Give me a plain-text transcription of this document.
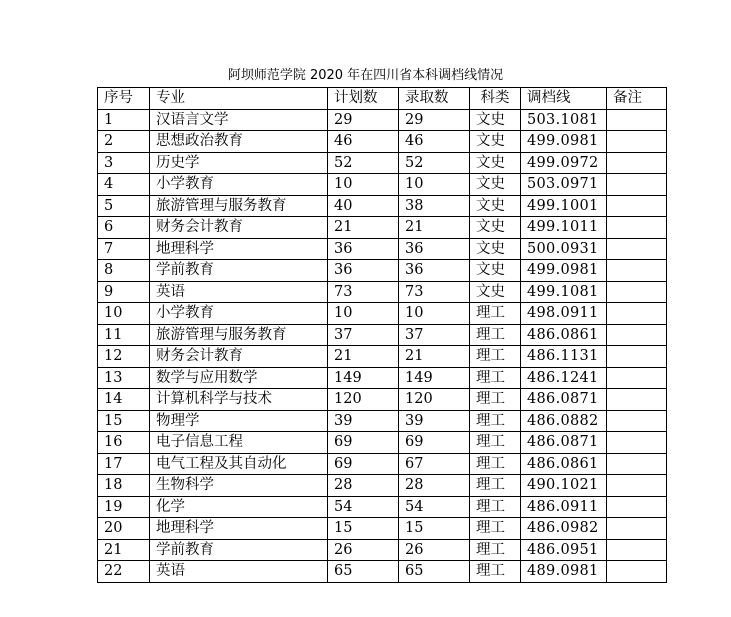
阿坝师范学院 2020 年在四川省本科调档线情况
序号	专业	计划数	录取数	科类	调档线	备注
1	汉语言文学	29	29	文史	503.1081	
2	思想政治教育	46	46	文史	499.0981	
3	历史学	52	52	文史	499.0972	
4	小学教育	10	10	文史	503.0971	
5	旅游管理与服务教育	40	38	文史	499.1001	
6	财务会计教育	21	21	文史	499.1011	
7	地理科学	36	36	文史	500.0931	
8	学前教育	36	36	文史	499.0981	
9	英语	73	73	文史	499.1081	
10	小学教育	10	10	理工	498.0911	
11	旅游管理与服务教育	37	37	理工	486.0861	
12	财务会计教育	21	21	理工	486.1131	
13	数学与应用数学	149	149	理工	486.1241	
14	计算机科学与技术	120	120	理工	486.0871	
15	物理学	39	39	理工	486.0882	
16	电子信息工程	69	69	理工	486.0871	
17	电气工程及其自动化	69	67	理工	486.0861	
18	生物科学	28	28	理工	490.1021	
19	化学	54	54	理工	486.0911	
20	地理科学	15	15	理工	486.0982	
21	学前教育	26	26	理工	486.0951	
22	英语	65	65	理工	489.0981	
